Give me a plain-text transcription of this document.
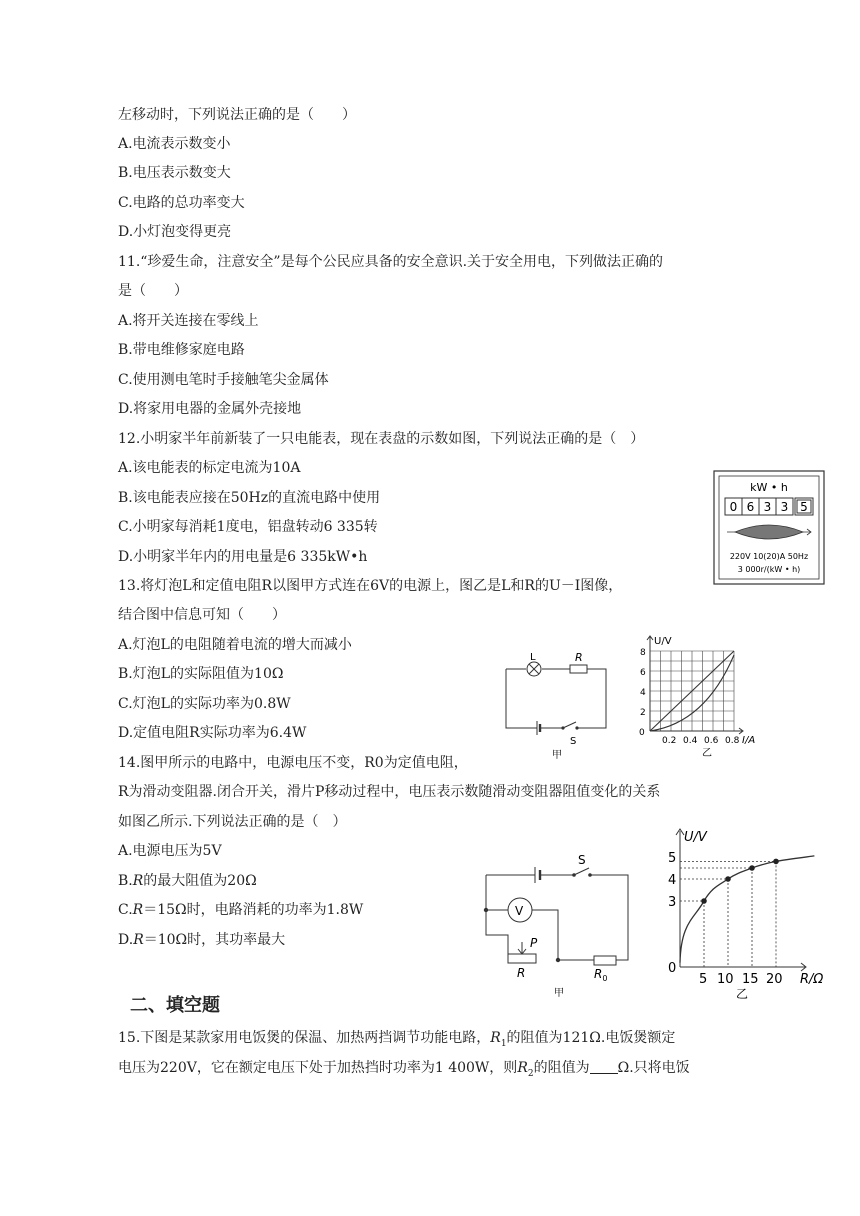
左移动时，下列说法正确的是（　　）
A.电流表示数变小
B.电压表示数变大
C.电路的总功率变大
D.小灯泡变得更亮
11.“珍爱生命，注意安全”是每个公民应具备的安全意识.关于安全用电，下列做法正确的
是（　　）
A.将开关连接在零线上
B.带电维修家庭电路
C.使用测电笔时手接触笔尖金属体
D.将家用电器的金属外壳接地
12.小明家半年前新装了一只电能表，现在表盘的示数如图，下列说法正确的是（　）
A.该电能表的标定电流为10A
B.该电能表应接在50Hz的直流电路中使用
C.小明家每消耗1度电，铝盘转动6 335转
D.小明家半年内的用电量是6 335kW•h
kW • h
0 6 3 3 5
220V 10(20)A 50Hz
3 000r/(kW • h)
13.将灯泡L和定值电阻R以图甲方式连在6V的电源上，图乙是L和R的U－I图像，
结合图中信息可知（　　）
A.灯泡L的电阻随着电流的增大而减小
B.灯泡L的实际阻值为10Ω
C.灯泡L的实际功率为0.8W
D.定值电阻R实际功率为6.4W
L	R
S
甲
U/V
0
2
4
6
8
0.2 0.4 0.6 0.8 I/A
乙
14.图甲所示的电路中，电源电压不变，R0为定值电阻，
R为滑动变阻器.闭合开关，滑片P移动过程中，电压表示数随滑动变阻器阻值变化的关系
如图乙所示.下列说法正确的是（　）
A.电源电压为5V
B.R的最大阻值为20Ω
C.R＝15Ω时，电路消耗的功率为1.8W
D.R＝10Ω时，其功率最大
S
V
P
R	$R_0$
甲
U/V
0
3
4
5
5 10 15 20 R/Ω
乙
二、填空题
15.下图是某款家用电饭煲的保温、加热两挡调节功能电路，$R_1$的阻值为121Ω.电饭煲额定
电压为220V，它在额定电压下处于加热挡时功率为1 400W，则$R_2$的阻值为 Ω.只将电饭
